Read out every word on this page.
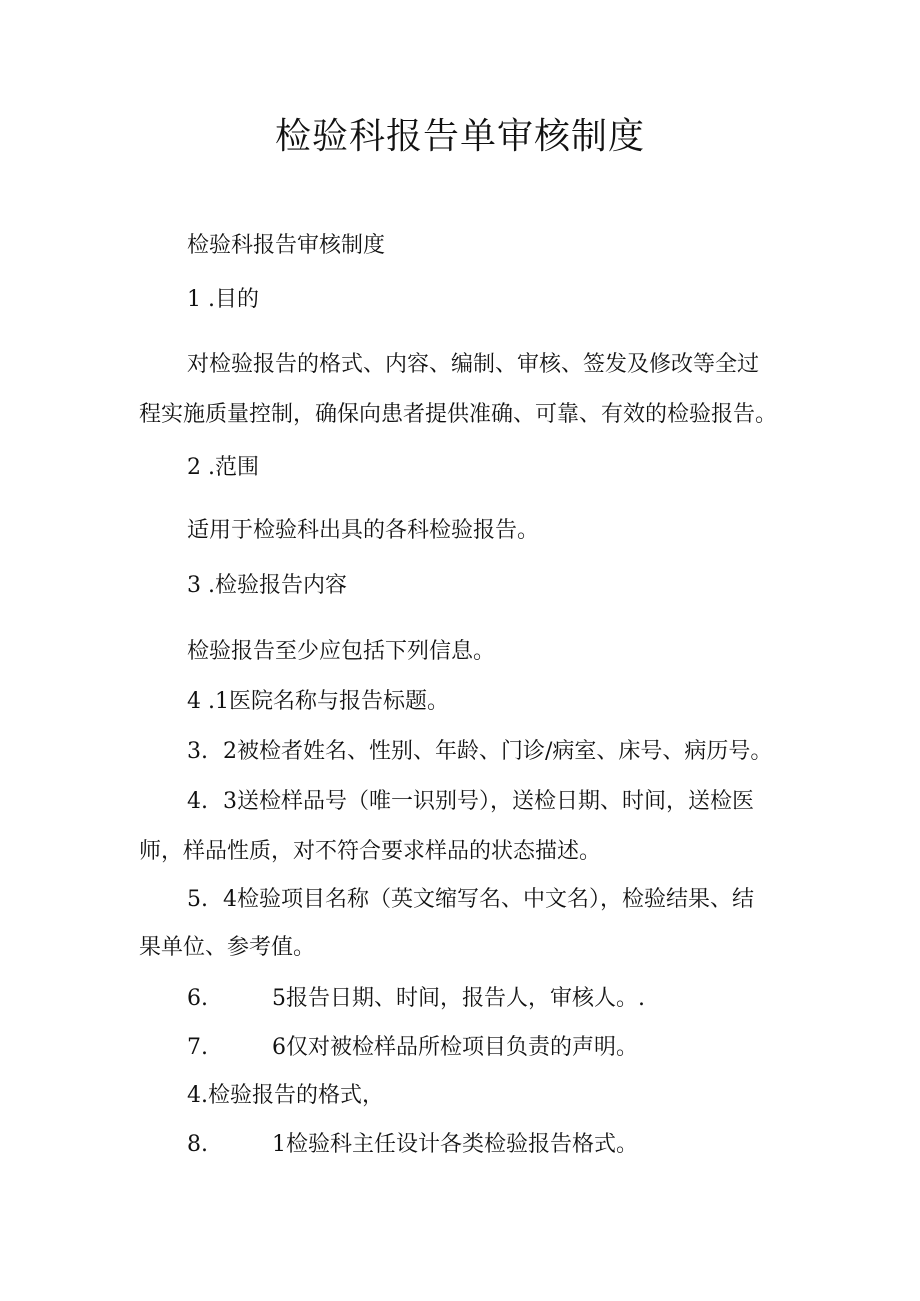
检验科报告单审核制度
检验科报告审核制度
1 .目的
对检验报告的格式、内容、编制、审核、签发及修改等全过
程实施质量控制，确保向患者提供准确、可靠、有效的检验报告。
2 .范围
适用于检验科出具的各科检验报告。
3 .检验报告内容
检验报告至少应包括下列信息。
4 .1医院名称与报告标题。
3. 2被检者姓名、性别、年龄、门诊/病室、床号、病历号。
4. 3送检样品号（唯一识别号），送检日期、时间，送检医
师，样品性质，对不符合要求样品的状态描述。
5. 4检验项目名称（英文缩写名、中文名），检验结果、结
果单位、参考值。
6.	5报告日期、时间，报告人，审核人。.
7.	6仅对被检样品所检项目负责的声明。
4.检验报告的格式，
8.	1检验科主任设计各类检验报告格式。
